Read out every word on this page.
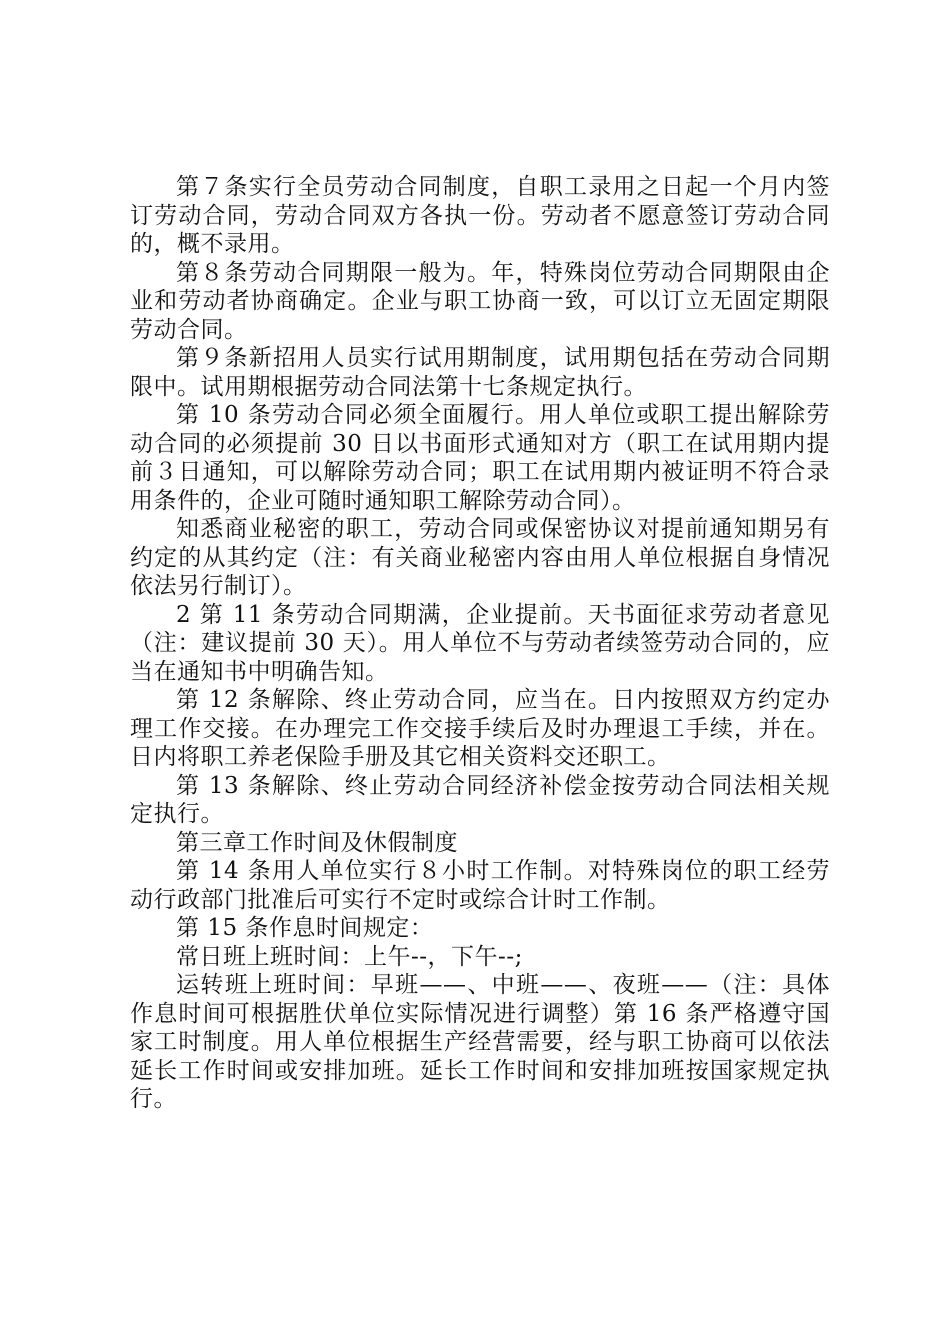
第７条实行全员劳动合同制度，自职工录用之日起一个月内签订劳动合同，劳动合同双方各执一份。劳动者不愿意签订劳动合同的，概不录用。

第８条劳动合同期限一般为。年，特殊岗位劳动合同期限由企业和劳动者协商确定。企业与职工协商一致，可以订立无固定期限劳动合同。

第９条新招用人员实行试用期制度，试用期包括在劳动合同期限中。试用期根据劳动合同法第十七条规定执行。

第 10 条劳动合同必须全面履行。用人单位或职工提出解除劳动合同的必须提前 30 日以书面形式通知对方（职工在试用期内提前３日通知，可以解除劳动合同；职工在试用期内被证明不符合录用条件的，企业可随时通知职工解除劳动合同）。

知悉商业秘密的职工，劳动合同或保密协议对提前通知期另有约定的从其约定（注：有关商业秘密内容由用人单位根据自身情况依法另行制订）。

2 第 11 条劳动合同期满，企业提前。天书面征求劳动者意见（注：建议提前 30 天）。用人单位不与劳动者续签劳动合同的，应当在通知书中明确告知。

第 12 条解除、终止劳动合同，应当在。日内按照双方约定办理工作交接。在办理完工作交接手续后及时办理退工手续，并在。日内将职工养老保险手册及其它相关资料交还职工。

第 13 条解除、终止劳动合同经济补偿金按劳动合同法相关规定执行。

第三章工作时间及休假制度

第 14 条用人单位实行８小时工作制。对特殊岗位的职工经劳动行政部门批准后可实行不定时或综合计时工作制。

第 15 条作息时间规定：

常日班上班时间：上午--，下午--;

运转班上班时间：早班——、中班——、夜班——（注：具体作息时间可根据胜伏单位实际情况进行调整）第 16 条严格遵守国家工时制度。用人单位根据生产经营需要，经与职工协商可以依法延长工作时间或安排加班。延长工作时间和安排加班按国家规定执行。
